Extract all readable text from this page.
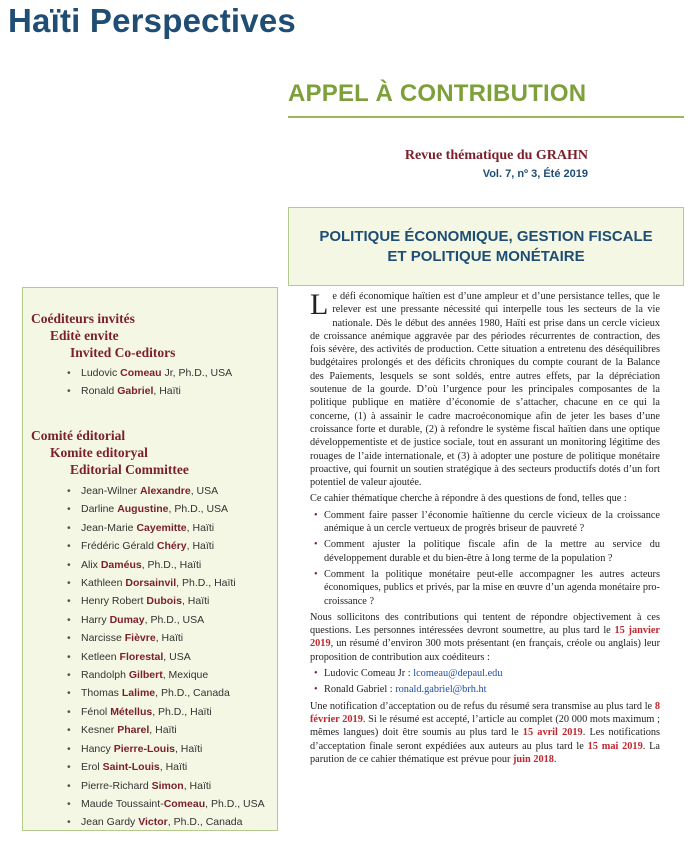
Haïti Perspectives
APPEL À CONTRIBUTION
Revue thématique du GRAHN
Vol. 7, nº 3, Été 2019
POLITIQUE ÉCONOMIQUE, GESTION FISCALE
ET POLITIQUE MONÉTAIRE
Coéditeurs invités
Editè envite
Invited Co-editors
• Ludovic Comeau Jr, Ph.D., USA
• Ronald Gabriel, Haïti
Comité éditorial
Komite editoryal
Editorial Committee
• Jean-Wilner Alexandre, USA
• Darline Augustine, Ph.D., USA
• Jean-Marie Cayemitte, Haïti
• Frédéric Gérald Chéry, Haïti
• Alix Daméus, Ph.D., Haïti
• Kathleen Dorsainvil, Ph.D., Haïti
• Henry Robert Dubois, Haïti
• Harry Dumay, Ph.D., USA
• Narcisse Fièvre, Haïti
• Ketleen Florestal, USA
• Randolph Gilbert, Mexique
• Thomas Lalime, Ph.D., Canada
• Fénol Métellus, Ph.D., Haïti
• Kesner Pharel, Haïti
• Hancy Pierre-Louis, Haïti
• Erol Saint-Louis, Haïti
• Pierre-Richard Simon, Haïti
• Maude Toussaint-Comeau, Ph.D., USA
• Jean Gardy Victor, Ph.D., Canada

Le défi économique haïtien est d’une ampleur et d’une persistance telles, que le relever est une pressante nécessité qui interpelle tous les secteurs de la vie nationale. Dès le début des années 1980, Haïti est prise dans un cercle vicieux de croissance anémique aggravée par des périodes récurrentes de contraction, des fois sévère, des activités de production. Cette situation a entretenu des déséquilibres budgétaires prolongés et des déficits chroniques du compte courant de la Balance des Paiements, lesquels se sont soldés, entre autres effets, par la dépréciation soutenue de la gourde. D’où l’urgence pour les principales composantes de la politique publique en matière d’économie de s’attacher, chacune en ce qui la concerne, (1) à assainir le cadre macroéconomique afin de jeter les bases d’une croissance forte et durable, (2) à refondre le système fiscal haïtien dans une optique développementiste et de justice sociale, tout en assurant un monitoring légitime des rouages de l’aide internationale, et (3) à adopter une posture de politique monétaire proactive, qui fournit un soutien stratégique à des secteurs productifs dotés d’un fort potentiel de valeur ajoutée.

Ce cahier thématique cherche à répondre à des questions de fond, telles que :

• Comment faire passer l’économie haïtienne du cercle vicieux de la croissance anémique à un cercle vertueux de progrès briseur de pauvreté ?
• Comment ajuster la politique fiscale afin de la mettre au service du développement durable et du bien-être à long terme de la population ?
• Comment la politique monétaire peut-elle accompagner les autres acteurs économiques, publics et privés, par la mise en œuvre d’un agenda monétaire pro-croissance ?

Nous sollicitons des contributions qui tentent de répondre objectivement à ces questions. Les personnes intéressées devront soumettre, au plus tard le 15 janvier 2019, un résumé d’environ 300 mots présentant (en français, créole ou anglais) leur proposition de contribution aux coéditeurs :

• Ludovic Comeau Jr : lcomeau@depaul.edu
• Ronald Gabriel : ronald.gabriel@brh.ht

Une notification d’acceptation ou de refus du résumé sera transmise au plus tard le 8 février 2019. Si le résumé est accepté, l’article au complet (20 000 mots maximum ; mêmes langues) doit être soumis au plus tard le 15 avril 2019. Les notifications d’acceptation finale seront expédiées aux auteurs au plus tard le 15 mai 2019. La parution de ce cahier thématique est prévue pour juin 2018.
